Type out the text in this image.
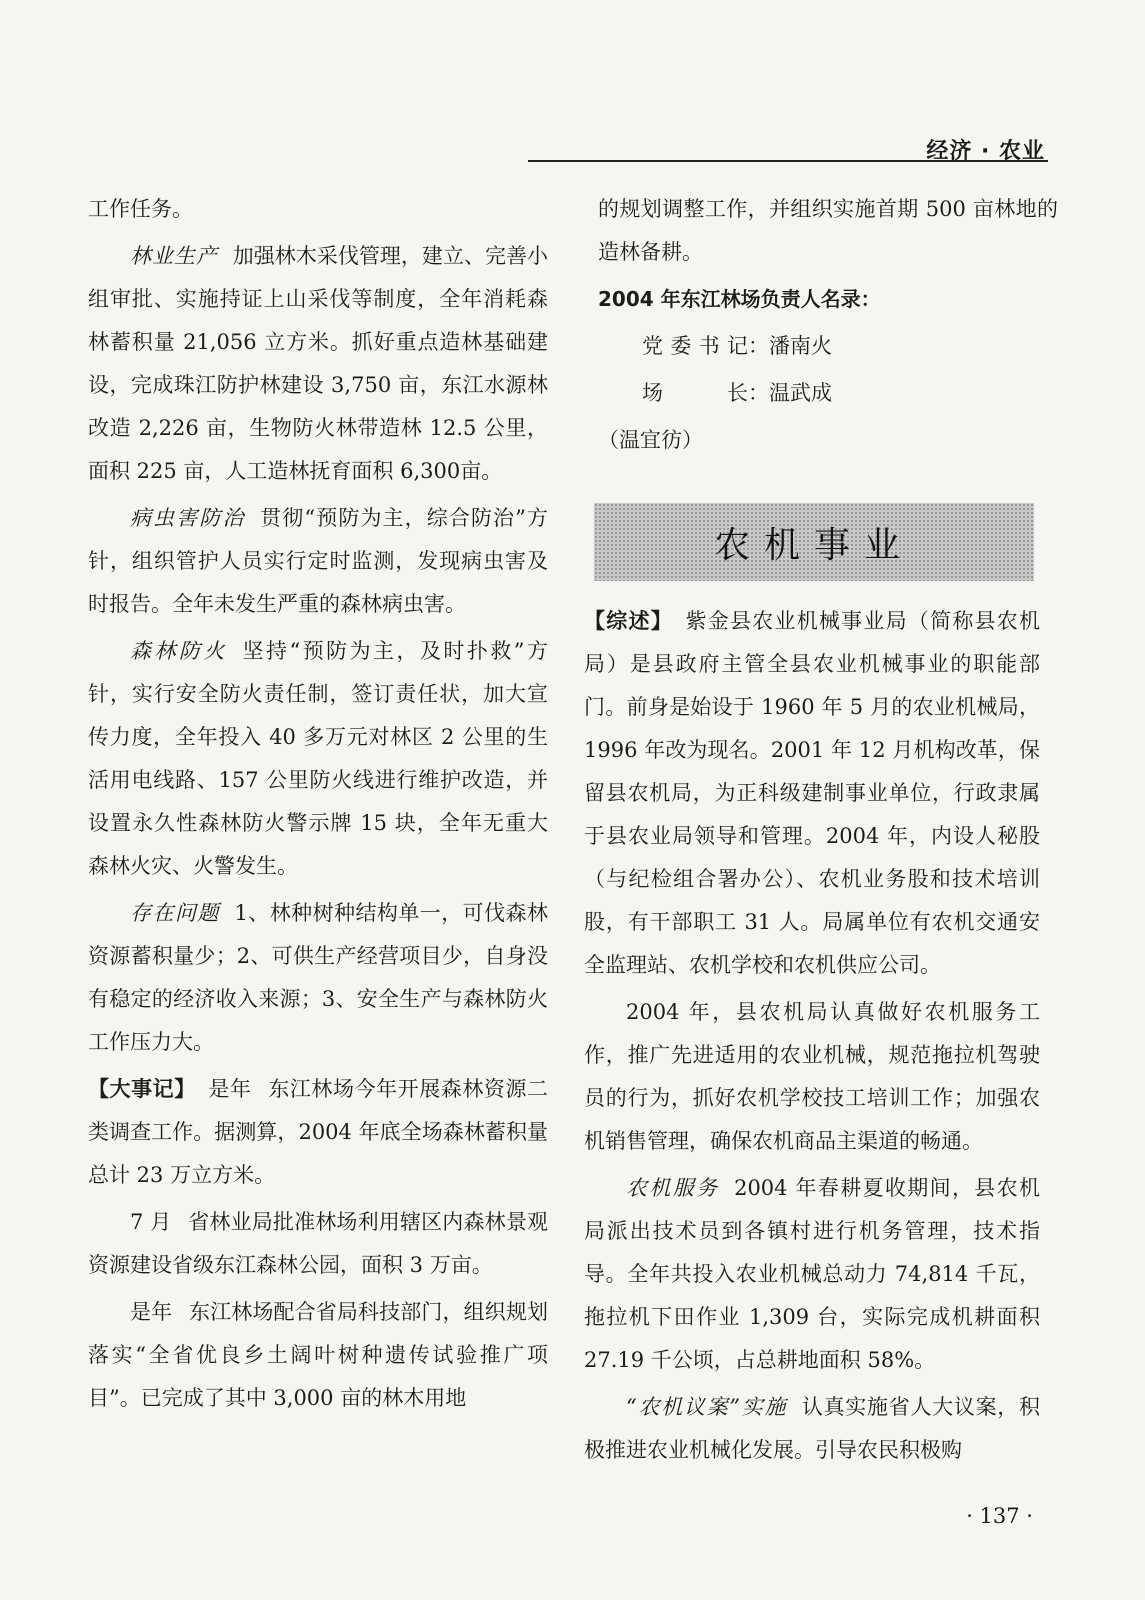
经济 · 农业

工作任务。

林业生产 加强林木采伐管理，建立、完善小组审批、实施持证上山采伐等制度，全年消耗森林蓄积量 21,056 立方米。抓好重点造林基础建设，完成珠江防护林建设 3,750 亩，东江水源林改造 2,226 亩，生物防火林带造林 12.5 公里，面积 225 亩，人工造林抚育面积 6,300亩。

病虫害防治 贯彻“预防为主，综合防治”方针，组织管护人员实行定时监测，发现病虫害及时报告。全年未发生严重的森林病虫害。

森林防火 坚持“预防为主，及时扑救”方针，实行安全防火责任制，签订责任状，加大宣传力度，全年投入 40 多万元对林区 2 公里的生活用电线路、157 公里防火线进行维护改造，并设置永久性森林防火警示牌 15 块，全年无重大森林火灾、火警发生。

存在问题 1、林种树种结构单一，可伐森林资源蓄积量少；2、可供生产经营项目少，自身没有稳定的经济收入来源；3、安全生产与森林防火工作压力大。

【大事记】 是年 东江林场今年开展森林资源二类调查工作。据测算，2004 年底全场森林蓄积量总计 23 万立方米。

7 月 省林业局批准林场利用辖区内森林景观资源建设省级东江森林公园，面积 3 万亩。

是年 东江林场配合省局科技部门，组织规划落实“全省优良乡土阔叶树种遗传试验推广项目”。已完成了其中 3,000 亩的林木用地

的规划调整工作，并组织实施首期 500 亩林地的造林备耕。

2004 年东江林场负责人名录：

党委书记：潘南火

场长：温武成

（温宜彷）

农机事业

【综述】 紫金县农业机械事业局（简称县农机局）是县政府主管全县农业机械事业的职能部门。前身是始设于 1960 年 5 月的农业机械局，1996 年改为现名。2001 年 12 月机构改革，保留县农机局，为正科级建制事业单位，行政隶属于县农业局领导和管理。2004 年，内设人秘股（与纪检组合署办公）、农机业务股和技术培训股，有干部职工 31 人。局属单位有农机交通安全监理站、农机学校和农机供应公司。

2004 年，县农机局认真做好农机服务工作，推广先进适用的农业机械，规范拖拉机驾驶员的行为，抓好农机学校技工培训工作；加强农机销售管理，确保农机商品主渠道的畅通。

农机服务 2004 年春耕夏收期间，县农机局派出技术员到各镇村进行机务管理，技术指导。全年共投入农业机械总动力 74,814 千瓦，拖拉机下田作业 1,309 台，实际完成机耕面积 27.19 千公顷，占总耕地面积 58%。

“农机议案”实施 认真实施省人大议案，积极推进农业机械化发展。引导农民积极购

· 137 ·
